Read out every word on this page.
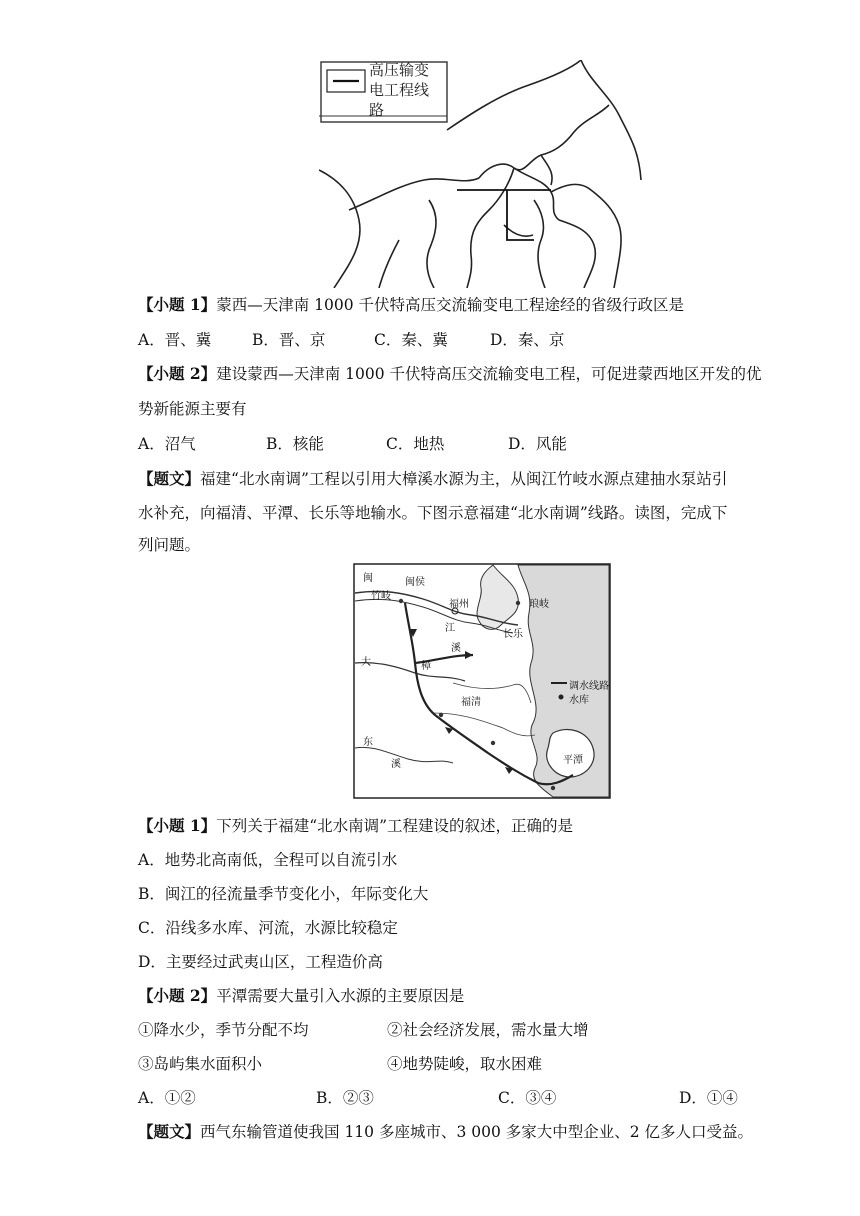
高压输变
电工程线
路
【小题 1】蒙西—天津南 1000 千伏特高压交流输变电工程途经的省级行政区是
A．晋、冀	B．晋、京	C．秦、冀	D．秦、京
【小题 2】建设蒙西—天津南 1000 千伏特高压交流输变电工程，可促进蒙西地区开发的优
势新能源主要有
A．沼气	B．核能	C．地热	D．风能
【题文】福建“北水南调”工程以引用大樟溪水源为主，从闽江竹岐水源点建抽水泵站引
水补充，向福清、平潭、长乐等地输水。下图示意福建“北水南调”线路。读图，完成下
列问题。
闽	闽侯
竹岐
福州	琅岐
江
长乐
溪
大	樟
福清
东
溪	平潭
调水线路
水库
【小题 1】下列关于福建“北水南调”工程建设的叙述，正确的是
A．地势北高南低，全程可以自流引水
B．闽江的径流量季节变化小，年际变化大
C．沿线多水库、河流，水源比较稳定
D．主要经过武夷山区，工程造价高
【小题 2】平潭需要大量引入水源的主要原因是
①降水少，季节分配不均	②社会经济发展，需水量大增
③岛屿集水面积小	④地势陡峻，取水困难
A．①②	B．②③	C．③④	D．①④
【题文】西气东输管道使我国 110 多座城市、3 000 多家大中型企业、2 亿多人口受益。
